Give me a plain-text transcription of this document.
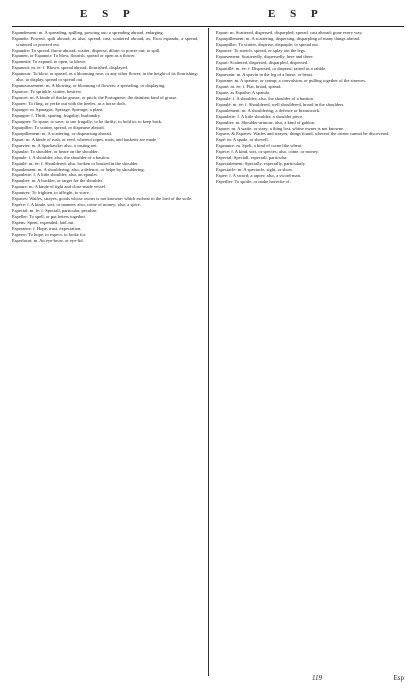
E S P	E S P

Espandement: m. A spreading, spilling, powring out; a spreading abroad, enlarging.

Espandu: Powred, spilt abroad; as also, spread, cast, scattered abroad; as, Escu espandu, a spread, scattered or powred out.

Espandre: To spread, throw abroad; scatter, disperse, dilate; to powre out; to spill.

Espaneir, or Espanoir: To blow, flourish, spread or open as a flower.

Espaneüir: To expand, to open, to blowe.

Espanouï: m. ie: f. Blown, spread abroad, flourished, displayed.

Espanouir: To blow, or spread, as a blooming rose; or any other flower, in the height of its flourishing; also, to display, spread or spread out.

Espanouissement: m. A blowing, or blooming of flowers; a spreading, or displaying.

Esparcer: To sprinkle, scatter, bestrew.

Esparcet: m. A kinde of thicke grasse, or pitch; the Portuguese; the daintiest kind of grasse.

Esparer: To fling, or yerke out with the heeles, as a horse doth.

Esparget: m. Sparagus, Sperage, Spirrage; a plant.

Espargne: f. Thrift, sparing, frugality, husbandry.

Espargner: To spare; to save; to use frugally; to be thrifty; to hold in; to keep back.

Esparpiller: To scatter, spread, or dispearse abroad.

Esparpillement: m. A scattering, or dispearsing abroad.

Espart: m. A kinde of rush, or reed, whereof ropes, mats, and basketts are made.

Esparvier: m. A Sparhawke; also, a casting net.

Espaular: To shoulder, or beare on the shoulder.

Espaule: f. A shoulder; also, the shoulder of a bastion.

Espaulé: m. ée: f. Shouldered; also, broken or bruised in the shoulder.

Espaulement: m. A shouldering; also, a defence, or helpe by shouldering.

Espaulette: f. A little shoulder; also, an epaulet.

Espaulier: m. A buckler, or target for the shoulder.

Espaure: m. A kinde of tight and close-made vessel.

Espautrer: To frighten, to affright, to scare.

Espaves: Waifes, strayes; goods whose owner is not knowne; which escheat to the lord of the soile.

Espéce: f. A kinde, sort, or manner; also, coine of money; also, a spice.

Especial: m. le: f. Speciall, particular, peculiar.

Espeller: To spell, or put letters together.

Espens: Spent, expended, laid out.

Esperance: f. Hope, trust, expectation.

Esperer: To hope, to expect, to looke for.

Esperlucat: m. An eye-brow, or eye-lid.

Espart: m. Scattered, dispersed, disparpled; spread, cast abroad; gone every way.

Esparpillement: m. A scattering, dispersing, disparpling of many things abroad.

Esparpiller: To scatter, disperse, disparple; to spread out.

Esparrer: To stretch, spread, or splay out the legs.

Esparsement: Scatteredly, dispersedly, here and there.

Espart: Scattered, dispersed, disparpled, dispersed.

Espartillé: m. ée: f. Dispersed, or disperst; raised as a rabble.

Esparvain: m. A spavin in the leg of a horse, or beast.

Espasme: m. A spasme, or cramp; a convulsion, or pulling together of the sinewes.

Espaté: m. ée: f. Flat, broad, spread.

Espate, as Espathe: A spatula.

Espaule: f. A shoulder; also, the shoulder of a bastion.

Espaulé: m. ée: f. Shouldered, well shouldered, broad in the shoulders.

Espaulement: m. A shouldering; a defence or breastwork.

Espaulette: f. A little shoulder; a shoulder piece.

Espaulier: m. Shoulder-armour; also, a kind of gabion.

Espave: m. A waife, or stray; a thing lost, whose owner is not knowne.

Espave, & Espaves: Waifes and strayes; things found, whereof the owner cannot be discovered.

Espé: m. A spade, or shovell.

Espeautre: m. Spelt, a kind of corne like wheat.

Espece: f. A kind, sort, or species; also, coine, or money.

Especial: Speciall, especiall, particular.

Especialement: Specially, especially, particularly.

Espectacle: m. A spectacle, sight, or show.

Espee: f. A sword; a rapier; also, a sword-man.

Espeiller: To spoile, or make havocke of.

119	Esp
